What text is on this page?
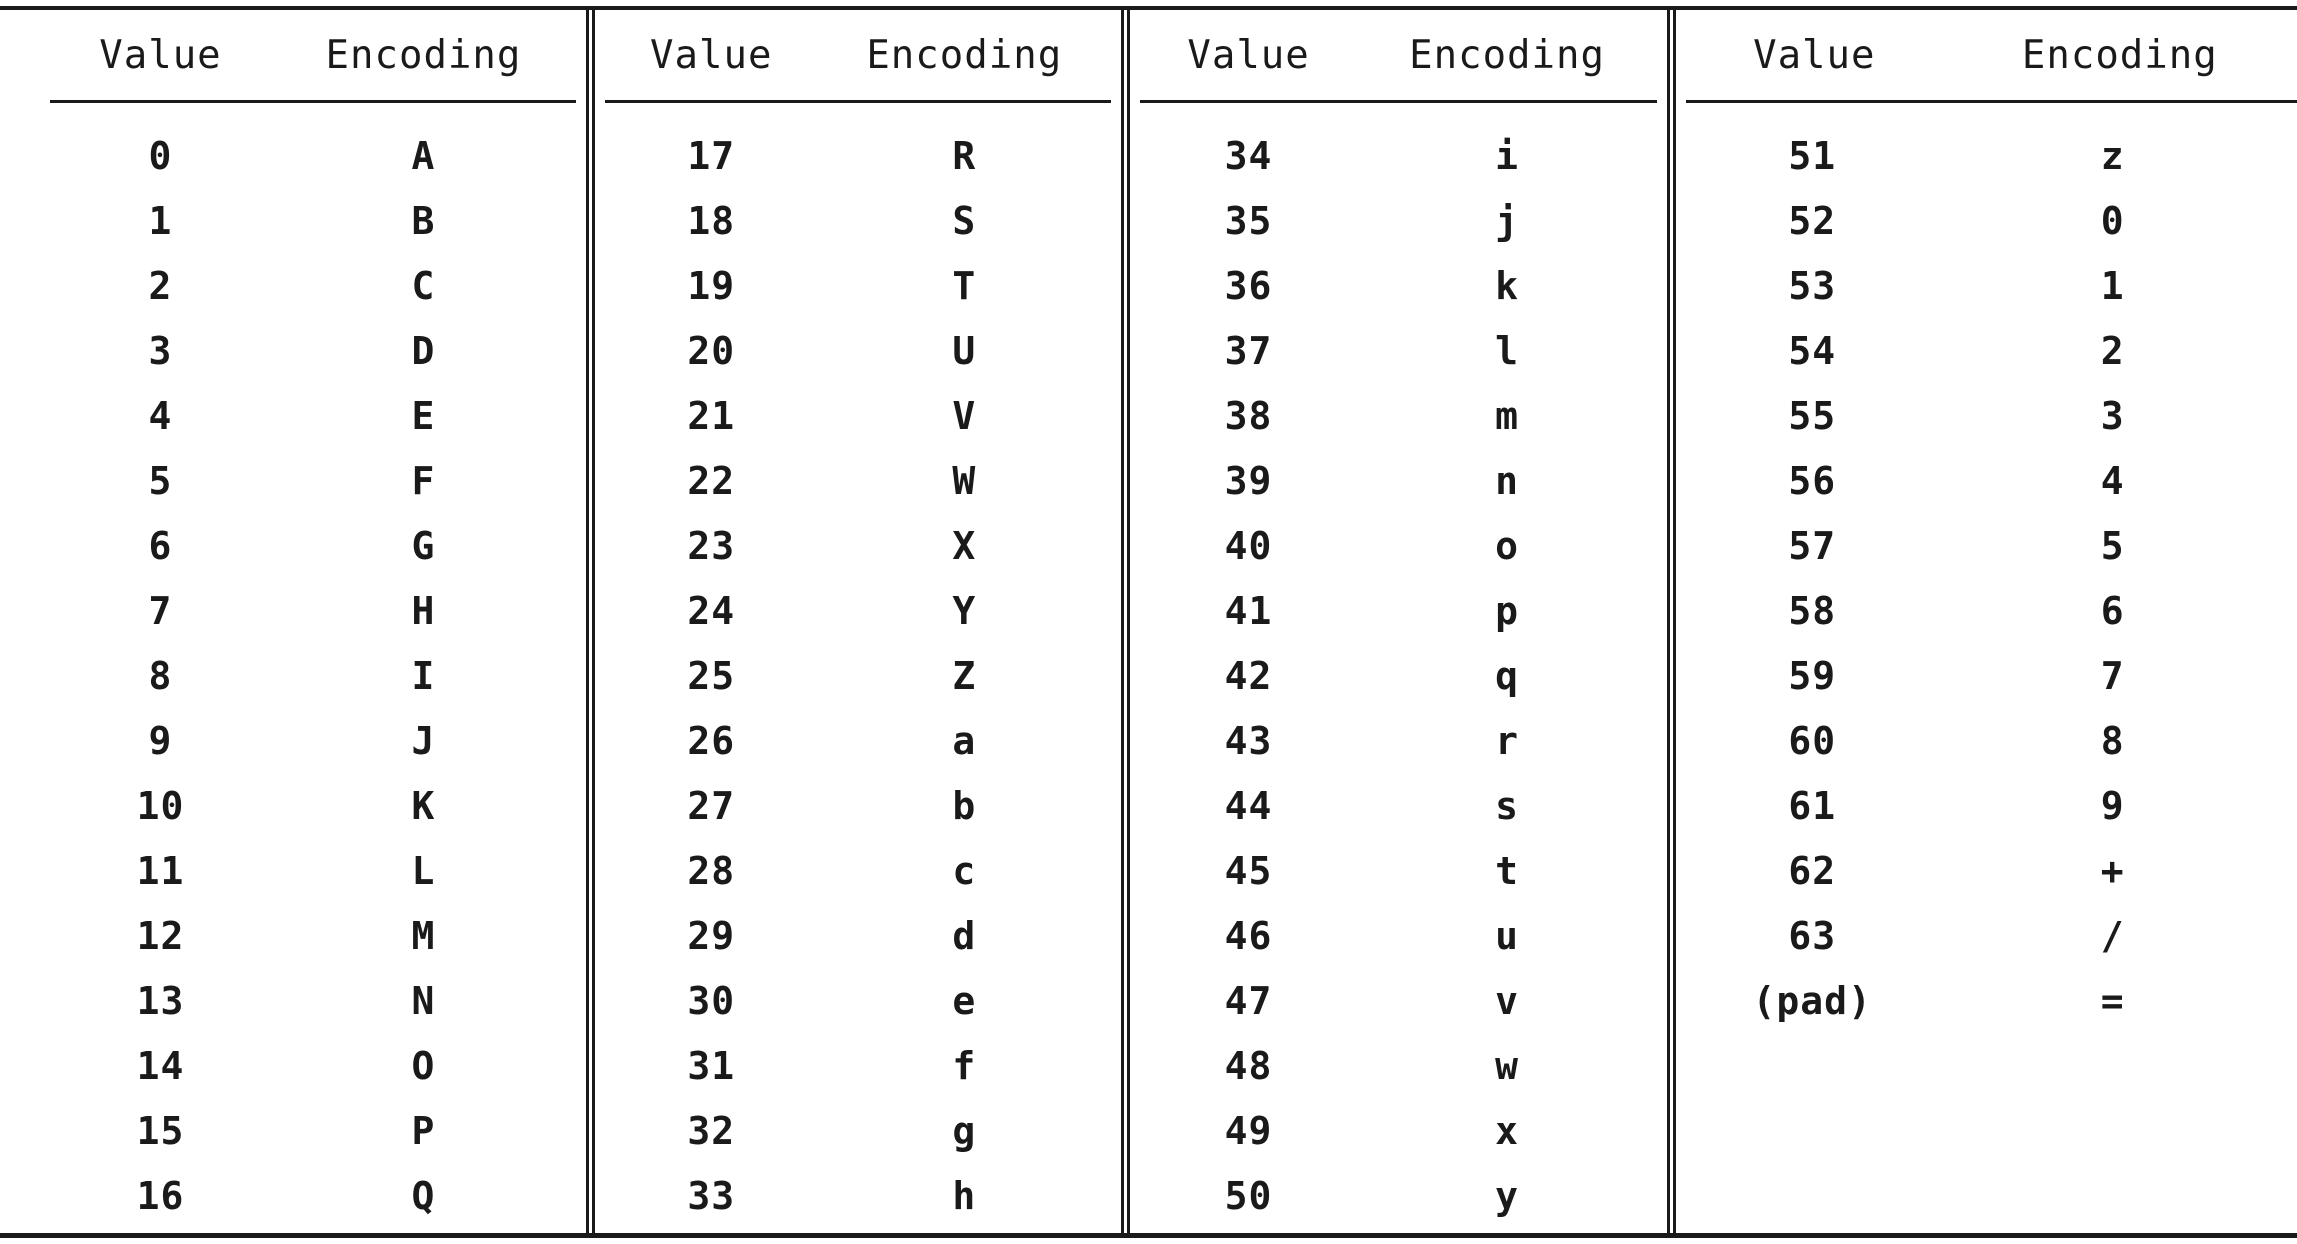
Value	Encoding
0	A
1	B
2	C
3	D
4	E
5	F
6	G
7	H
8	I
9	J
10	K
11	L
12	M
13	N
14	O
15	P
16	Q
Value	Encoding
17	R
18	S
19	T
20	U
21	V
22	W
23	X
24	Y
25	Z
26	a
27	b
28	c
29	d
30	e
31	f
32	g
33	h
Value	Encoding
34	i
35	j
36	k
37	l
38	m
39	n
40	o
41	p
42	q
43	r
44	s
45	t
46	u
47	v
48	w
49	x
50	y
Value	Encoding
51	z
52	0
53	1
54	2
55	3
56	4
57	5
58	6
59	7
60	8
61	9
62	+
63	/
(pad)	=
